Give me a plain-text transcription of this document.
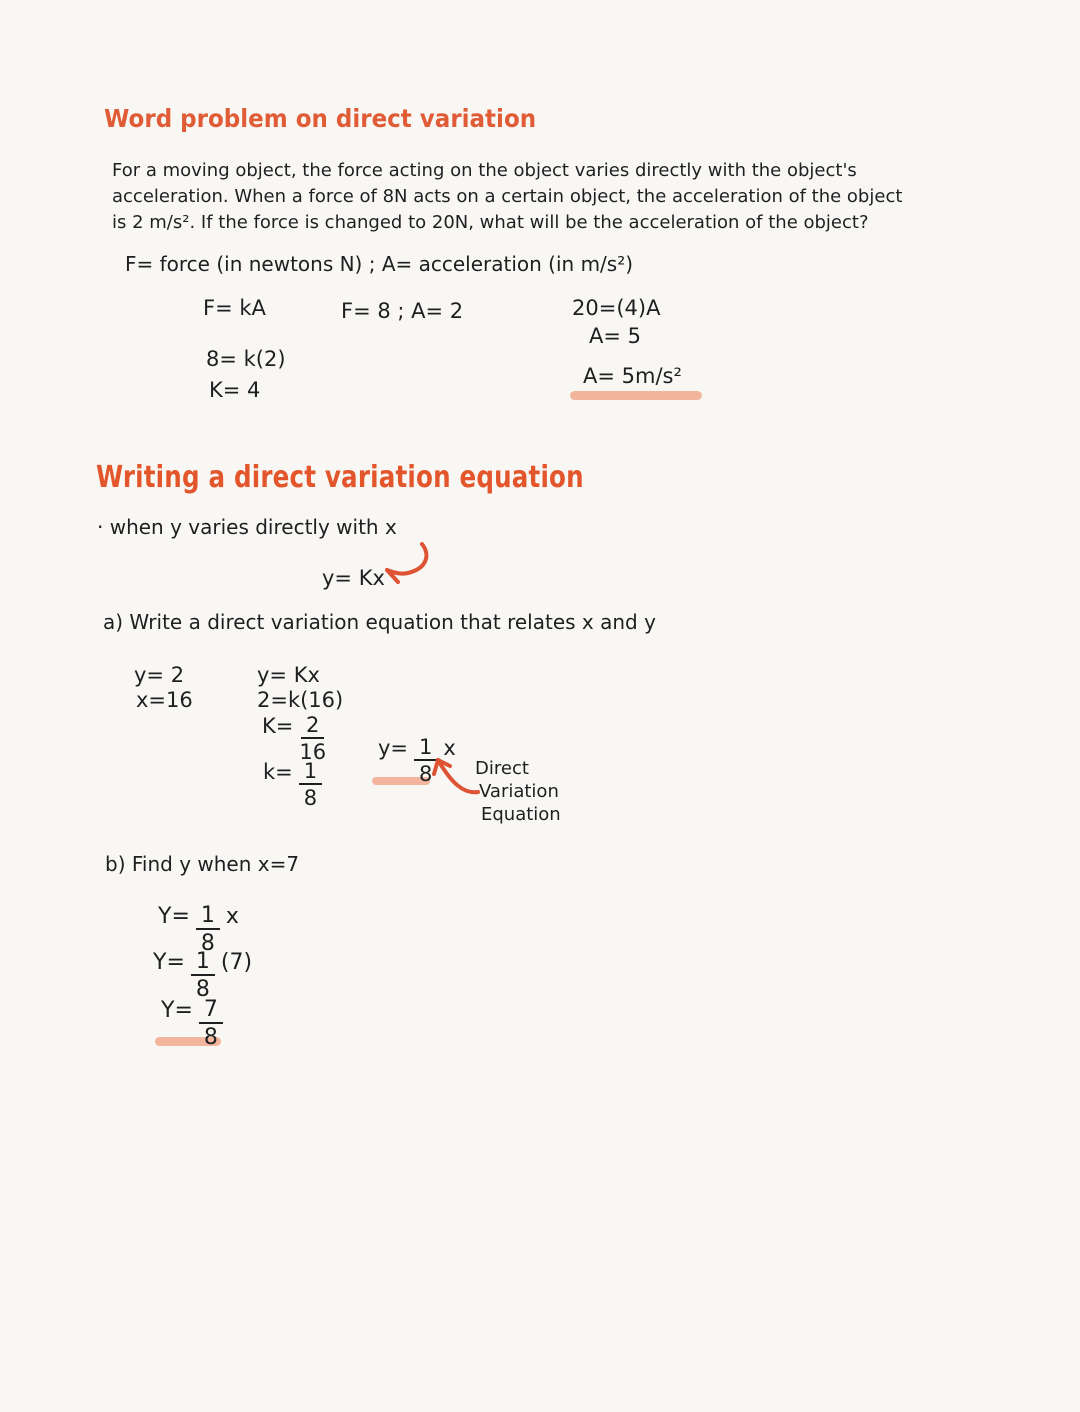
Word problem on direct variation
For a moving object, the force acting on the object varies directly with the object's
acceleration. When a force of 8N acts on a certain object, the acceleration of the object
is 2 m/s². If the force is changed to 20N, what will be the acceleration of the object?
F= force (in newtons N) ; A= acceleration (in m/s²)
F= kA
8= k(2)
K= 4
F= 8 ; A= 2	20=(4)A
A= 5
A= 5m/s²
Writing a direct variation equation
· when y varies directly with x
y= Kx
a) Write a direct variation equation that relates x and y
y= 2
x=16
y= Kx
2=k(16)
$K= \frac{2}{16}$
$k= \frac{1}{8}$
$y= \frac{1}{8}$ x
Direct
Variation
Equation
b) Find y when x=7
$Y= \frac{1}{8}$ x
$Y= \frac{1}{8} (7)$
$Y= \frac{7}{8}$
